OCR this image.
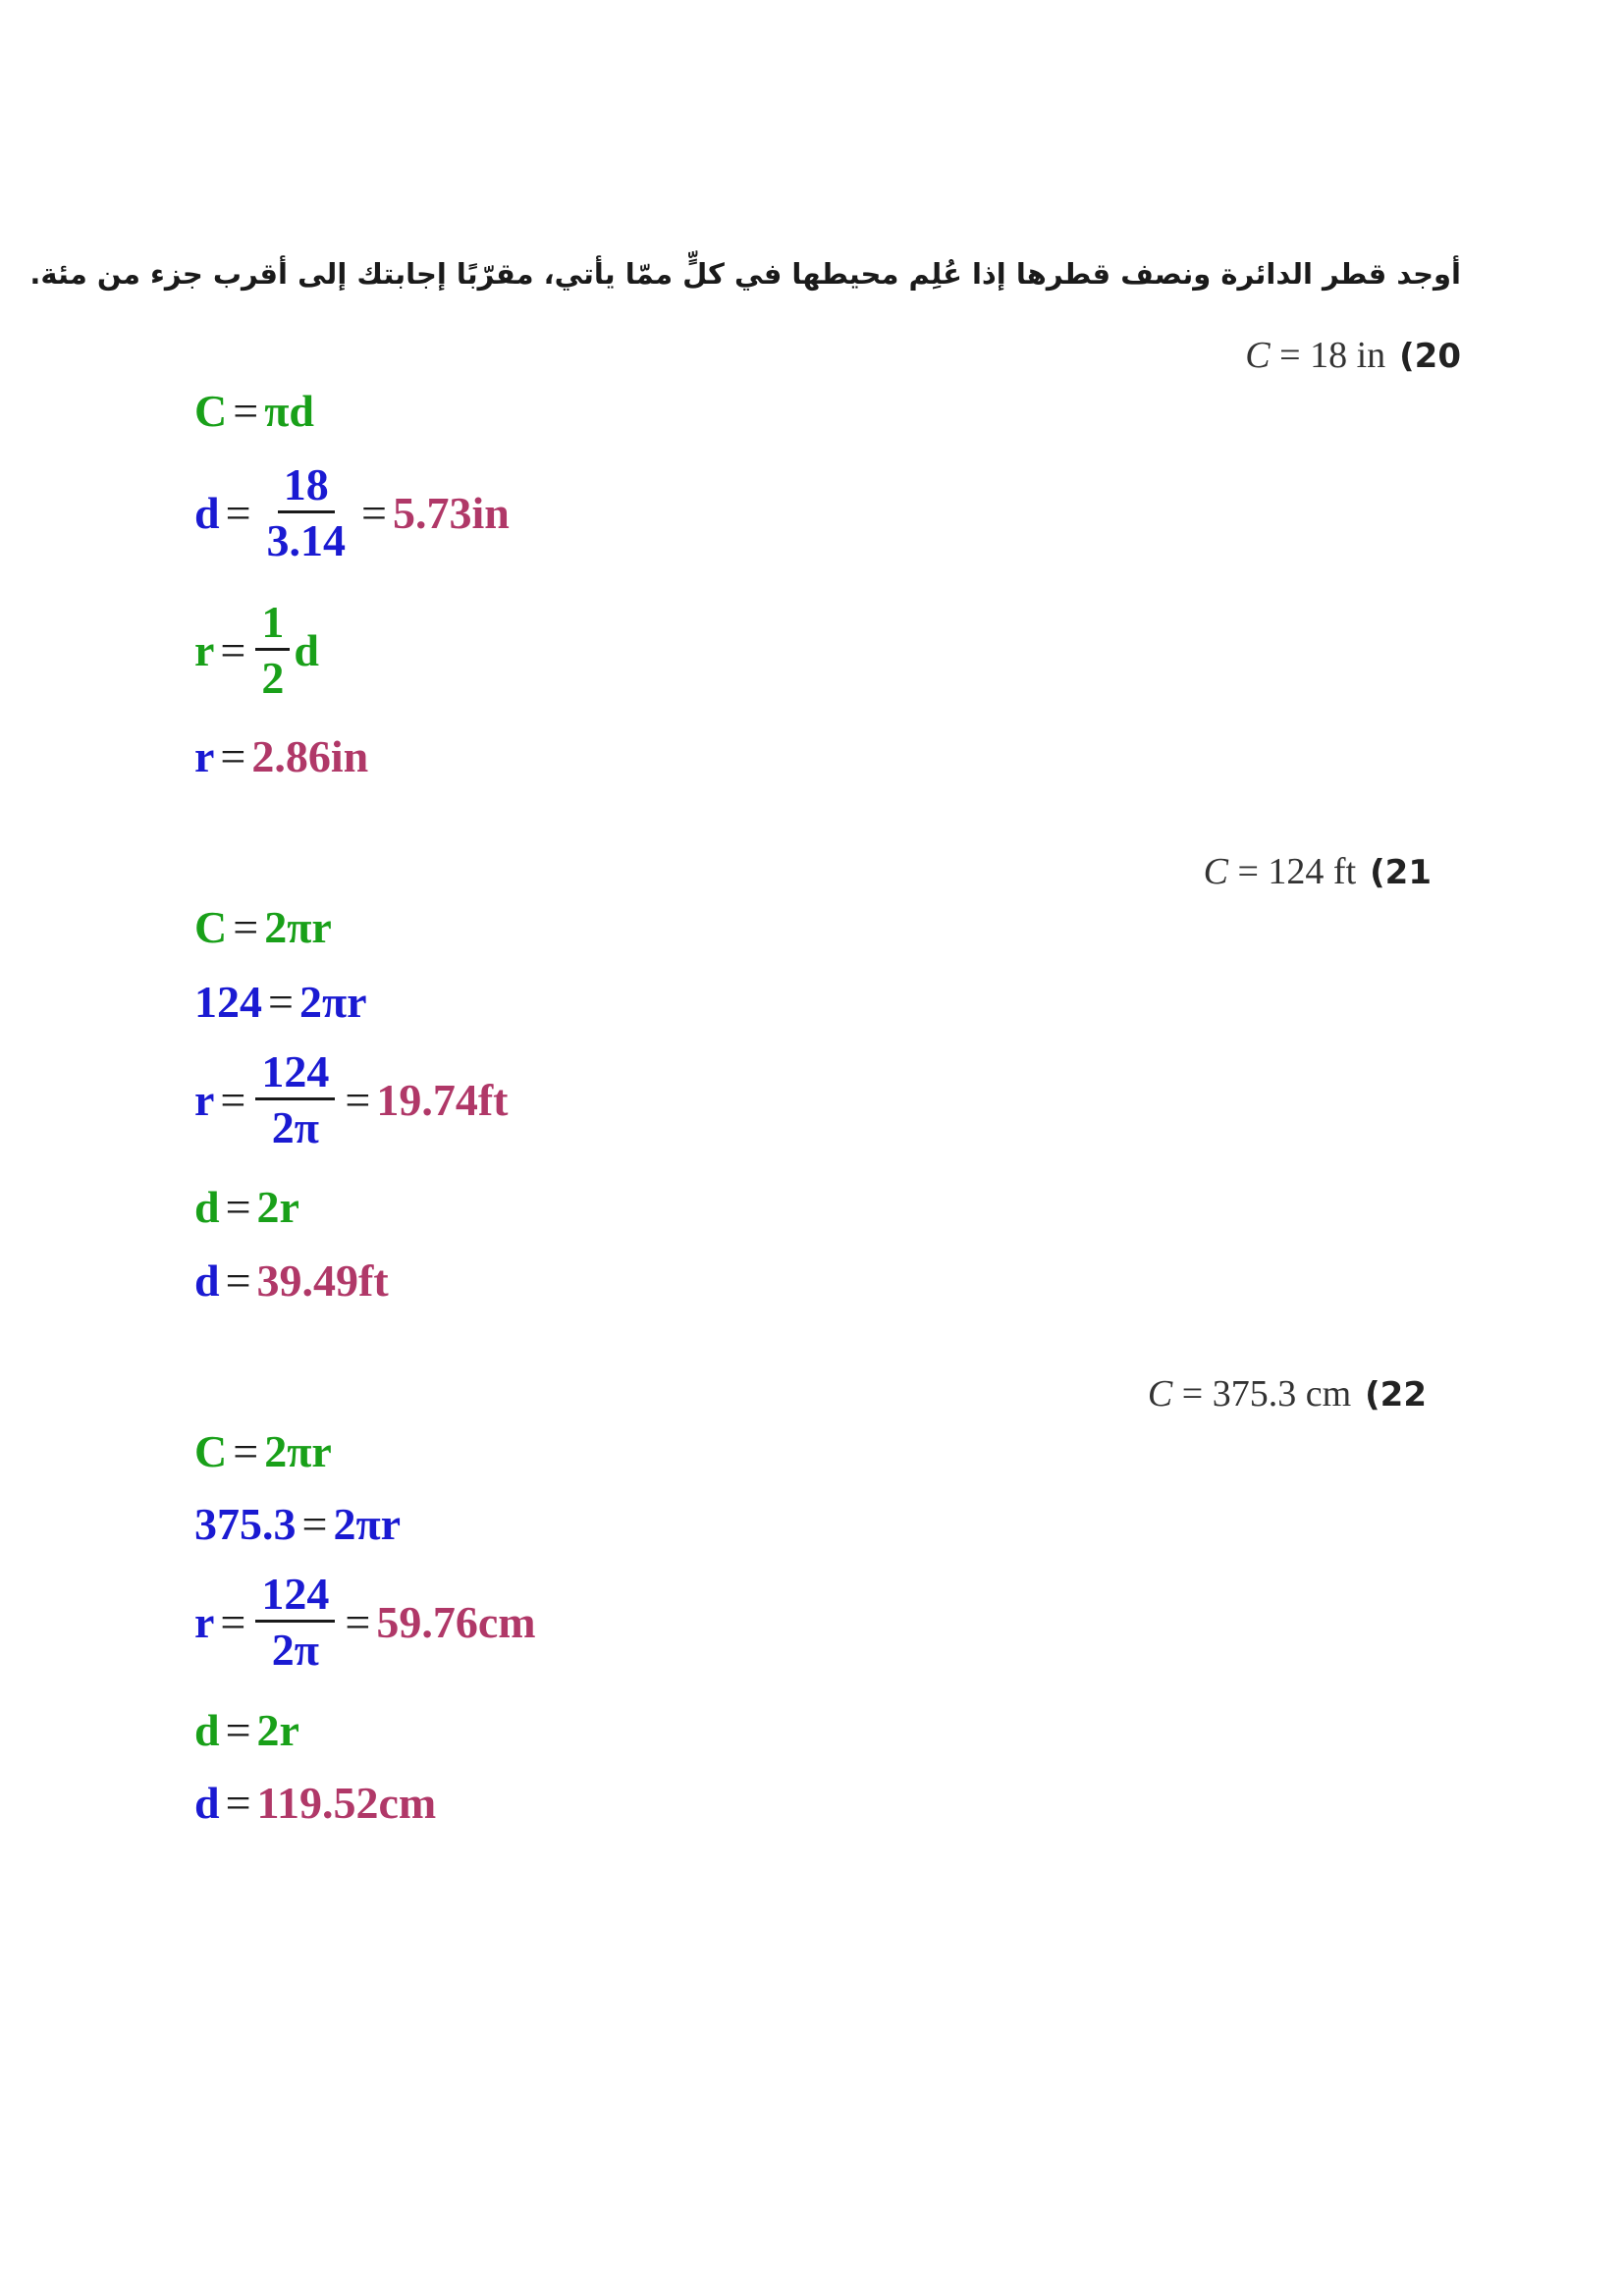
أوجد قطر الدائرة ونصف قطرها إذا عُلِم محيطها في كلٍّ ممّا يأتي، مقرّبًا إجابتك إلى أقرب جزء من مئة.
C = 18 in (20
C = πd
$d = \frac{18}{3.14} = 5.73in$
$r = \frac{1}{2}$ d
r = 2.86in
C = 124 ft (21
C = 2πr
124 = 2πr
$r = \frac{124}{2\pi} = 19.74ft$
d = 2r
d = 39.49ft
C = 375.3 cm (22
C = 2πr
375.3 = 2πr
$r = \frac{124}{2\pi} = 59.76cm$
d = 2r
d = 119.52cm
